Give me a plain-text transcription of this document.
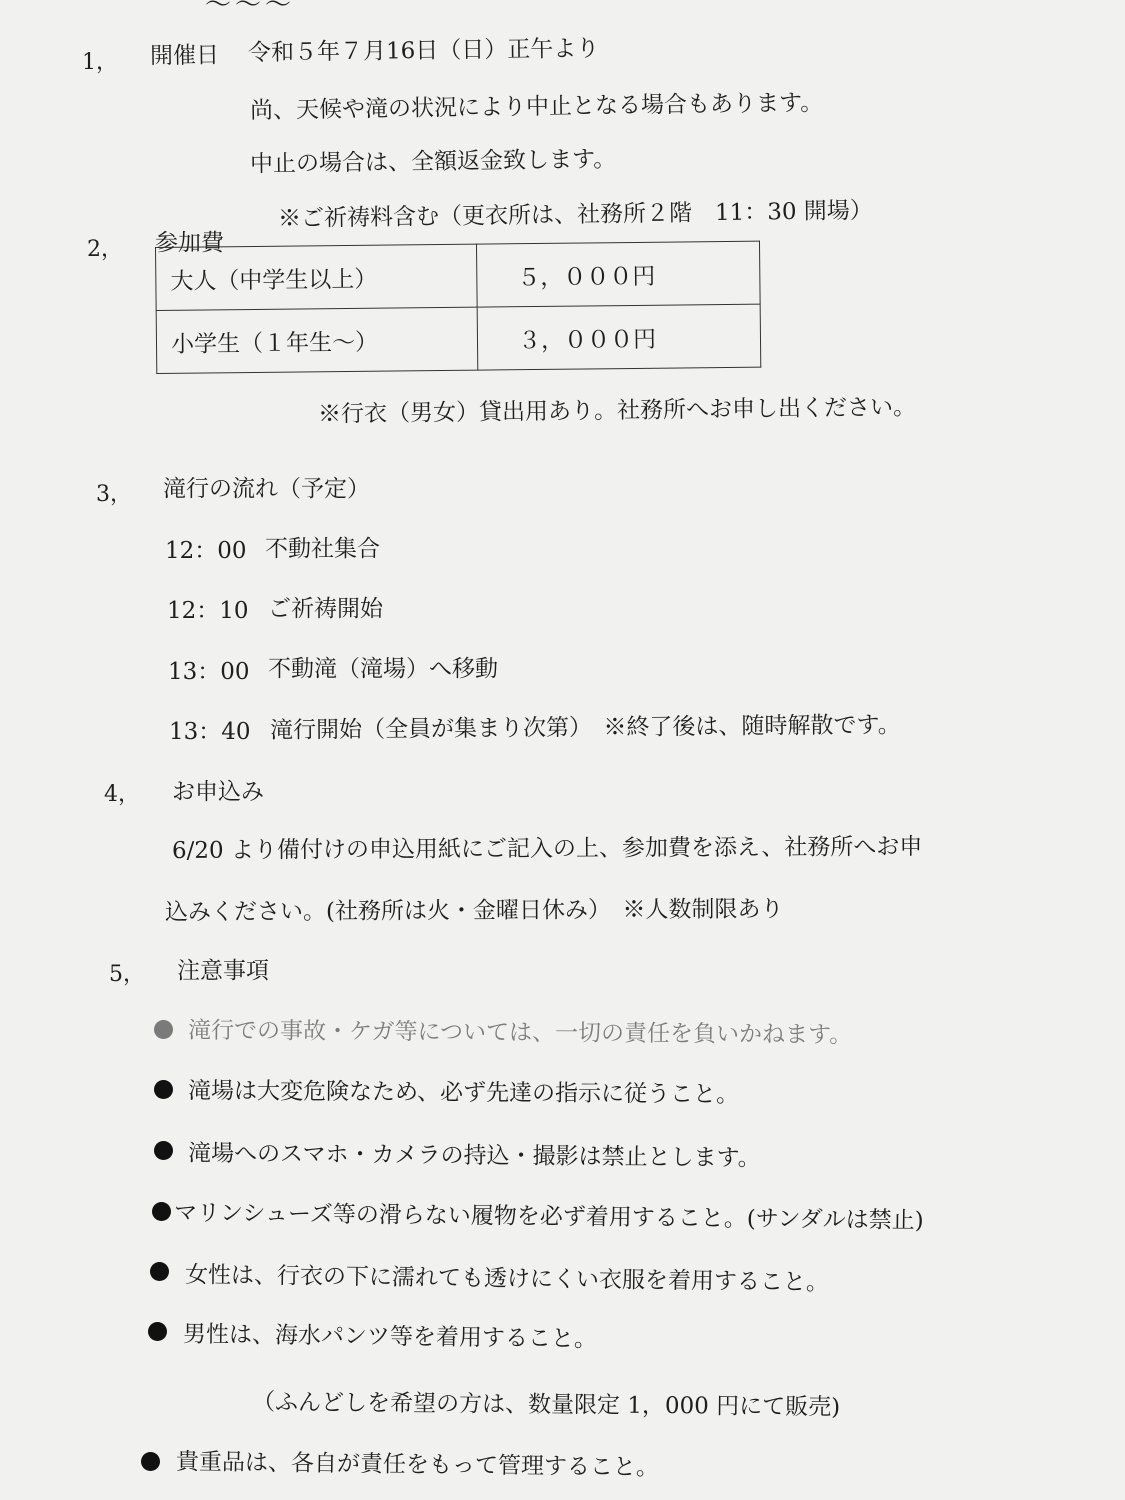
〜〜〜
1， 開催日 令和５年７月16日（日）正午より
尚、天候や滝の状況により中止となる場合もあります。
中止の場合は、全額返金致します。
2， 参加費
※ご祈祷料含む（更衣所は、社務所２階　11：30 開場）
大人（中学生以上）	５，０００円
小学生（１年生〜）	３，０００円
※行衣（男女）貸出用あり。社務所へお申し出ください。
3， 滝行の流れ（予定）
12：00 不動社集合
12：10 ご祈祷開始
13：00 不動滝（滝場）へ移動
13：40 滝行開始（全員が集まり次第）　※終了後は、随時解散です。
4， お申込み
6/20 より備付けの申込用紙にご記入の上、参加費を添え、社務所へお申
込みください。(社務所は火・金曜日休み）　※人数制限あり
5， 注意事項
滝行での事故・ケガ等については、一切の責任を負いかねます。
滝場は大変危険なため、必ず先達の指示に従うこと。
滝場へのスマホ・カメラの持込・撮影は禁止とします。
マリンシューズ等の滑らない履物を必ず着用すること。(サンダルは禁止)
女性は、行衣の下に濡れても透けにくい衣服を着用すること。
男性は、海水パンツ等を着用すること。
（ふんどしを希望の方は、数量限定 1，000 円にて販売)
貴重品は、各自が責任をもって管理すること。
